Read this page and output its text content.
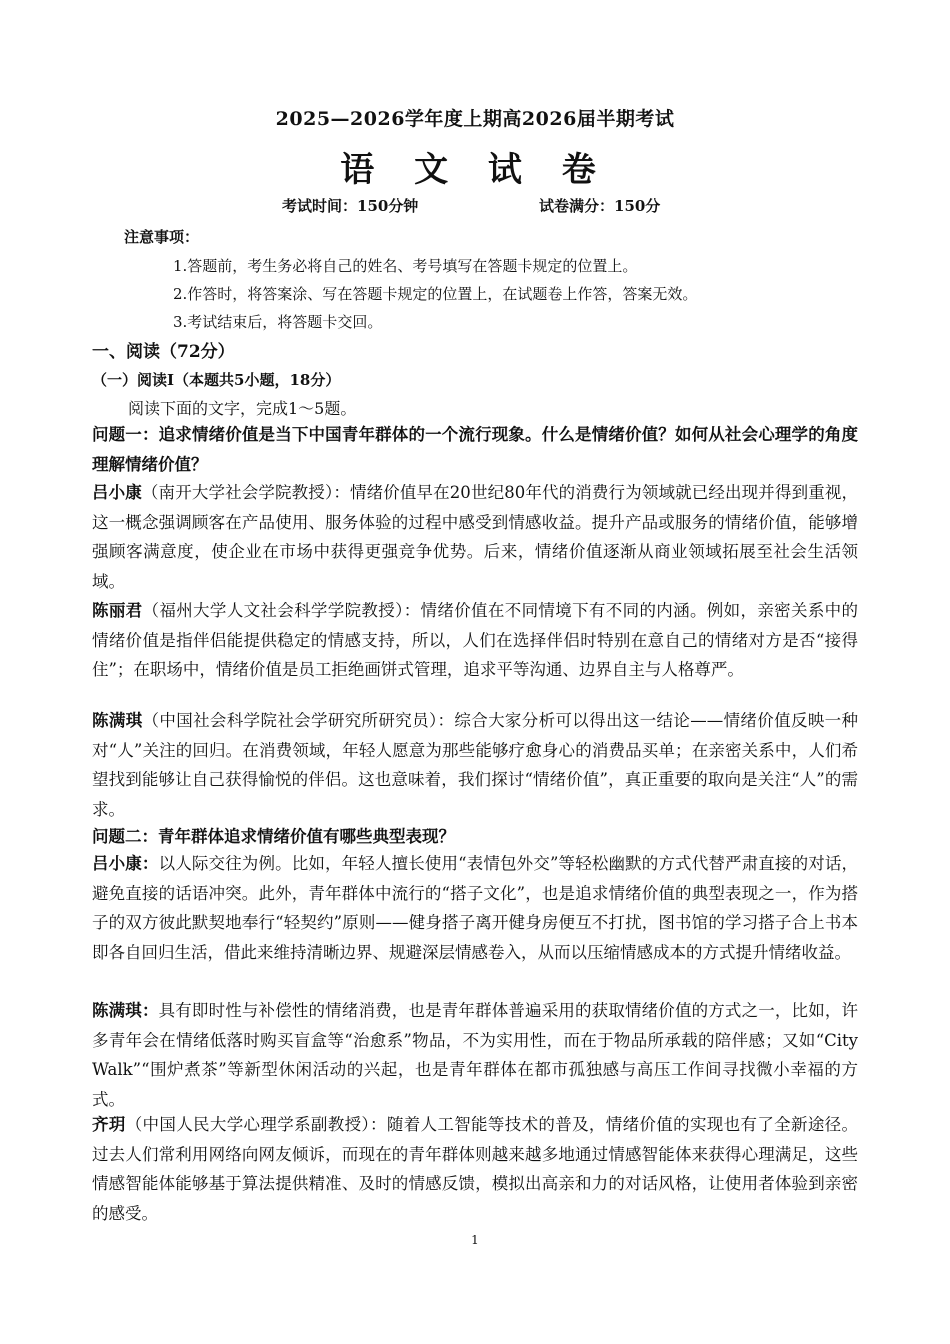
2025—2026学年度上期高2026届半期考试
语 文 试 卷
考试时间：150分钟	试卷满分：150分
注意事项：
1.答题前，考生务必将自己的姓名、考号填写在答题卡规定的位置上。
2.作答时，将答案涂、写在答题卡规定的位置上，在试题卷上作答，答案无效。
3.考试结束后，将答题卡交回。
一、阅读（72分）
（一）阅读Ⅰ（本题共5小题，18分）
阅读下面的文字，完成1～5题。
问题一：追求情绪价值是当下中国青年群体的一个流行现象。什么是情绪价值？如何从社会心理学的角度理解情绪价值？
吕小康（南开大学社会学院教授）：情绪价值早在20世纪80年代的消费行为领域就已经出现并得到重视，这一概念强调顾客在产品使用、服务体验的过程中感受到情感收益。提升产品或服务的情绪价值，能够增强顾客满意度，使企业在市场中获得更强竞争优势。后来，情绪价值逐渐从商业领域拓展至社会生活领域。
陈丽君（福州大学人文社会科学学院教授）：情绪价值在不同情境下有不同的内涵。例如，亲密关系中的情绪价值是指伴侣能提供稳定的情感支持，所以，人们在选择伴侣时特别在意自己的情绪对方是否“接得住”；在职场中，情绪价值是员工拒绝画饼式管理，追求平等沟通、边界自主与人格尊严。
陈满琪（中国社会科学院社会学研究所研究员）：综合大家分析可以得出这一结论——情绪价值反映一种对“人”关注的回归。在消费领域，年轻人愿意为那些能够疗愈身心的消费品买单；在亲密关系中，人们希望找到能够让自己获得愉悦的伴侣。这也意味着，我们探讨“情绪价值”，真正重要的取向是关注“人”的需求。
问题二：青年群体追求情绪价值有哪些典型表现？
吕小康：以人际交往为例。比如，年轻人擅长使用“表情包外交”等轻松幽默的方式代替严肃直接的对话，避免直接的话语冲突。此外，青年群体中流行的“搭子文化”，也是追求情绪价值的典型表现之一，作为搭子的双方彼此默契地奉行“轻契约”原则——健身搭子离开健身房便互不打扰，图书馆的学习搭子合上书本即各自回归生活，借此来维持清晰边界、规避深层情感卷入，从而以压缩情感成本的方式提升情绪收益。
陈满琪：具有即时性与补偿性的情绪消费，也是青年群体普遍采用的获取情绪价值的方式之一，比如，许多青年会在情绪低落时购买盲盒等“治愈系”物品，不为实用性，而在于物品所承载的陪伴感；又如“City Walk”“围炉煮茶”等新型休闲活动的兴起，也是青年群体在都市孤独感与高压工作间寻找微小幸福的方式。
齐玥（中国人民大学心理学系副教授）：随着人工智能等技术的普及，情绪价值的实现也有了全新途径。过去人们常利用网络向网友倾诉，而现在的青年群体则越来越多地通过情感智能体来获得心理满足，这些情感智能体能够基于算法提供精准、及时的情感反馈，模拟出高亲和力的对话风格，让使用者体验到亲密的感受。
1
